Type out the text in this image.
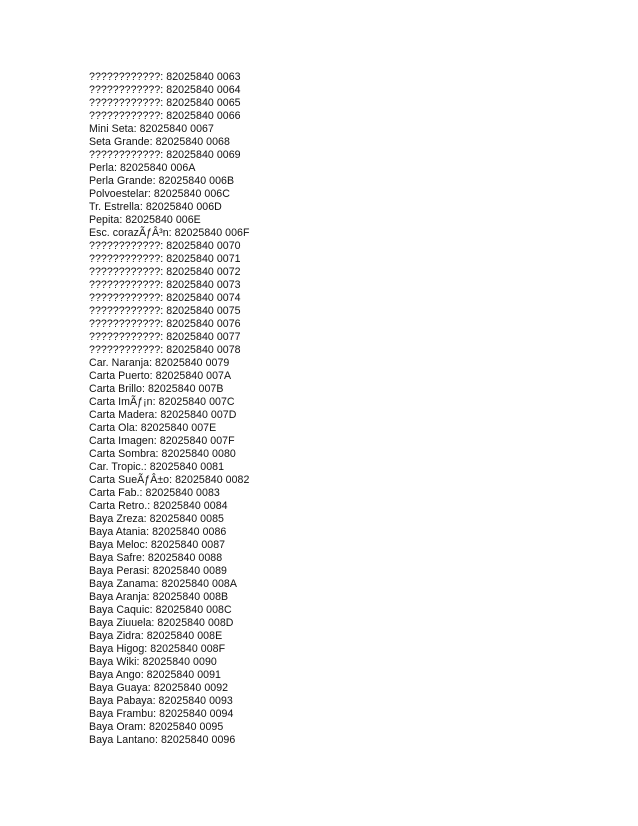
????????????: 82025840 0063
????????????: 82025840 0064
????????????: 82025840 0065
????????????: 82025840 0066
Mini Seta: 82025840 0067
Seta Grande: 82025840 0068
????????????: 82025840 0069
Perla: 82025840 006A
Perla Grande: 82025840 006B
Polvoestelar: 82025840 006C
Tr. Estrella: 82025840 006D
Pepita: 82025840 006E
Esc. corazÃƒÂ³n: 82025840 006F
????????????: 82025840 0070
????????????: 82025840 0071
????????????: 82025840 0072
????????????: 82025840 0073
????????????: 82025840 0074
????????????: 82025840 0075
????????????: 82025840 0076
????????????: 82025840 0077
????????????: 82025840 0078
Car. Naranja: 82025840 0079
Carta Puerto: 82025840 007A
Carta Brillo: 82025840 007B
Carta ImÃƒ¡n: 82025840 007C
Carta Madera: 82025840 007D
Carta Ola: 82025840 007E
Carta Imagen: 82025840 007F
Carta Sombra: 82025840 0080
Car. Tropic.: 82025840 0081
Carta SueÃƒÂ±o: 82025840 0082
Carta Fab.: 82025840 0083
Carta Retro.: 82025840 0084
Baya Zreza: 82025840 0085
Baya Atania: 82025840 0086
Baya Meloc: 82025840 0087
Baya Safre: 82025840 0088
Baya Perasi: 82025840 0089
Baya Zanama: 82025840 008A
Baya Aranja: 82025840 008B
Baya Caquic: 82025840 008C
Baya Ziuuela: 82025840 008D
Baya Zidra: 82025840 008E
Baya Higog: 82025840 008F
Baya Wiki: 82025840 0090
Baya Ango: 82025840 0091
Baya Guaya: 82025840 0092
Baya Pabaya: 82025840 0093
Baya Frambu: 82025840 0094
Baya Oram: 82025840 0095
Baya Lantano: 82025840 0096
